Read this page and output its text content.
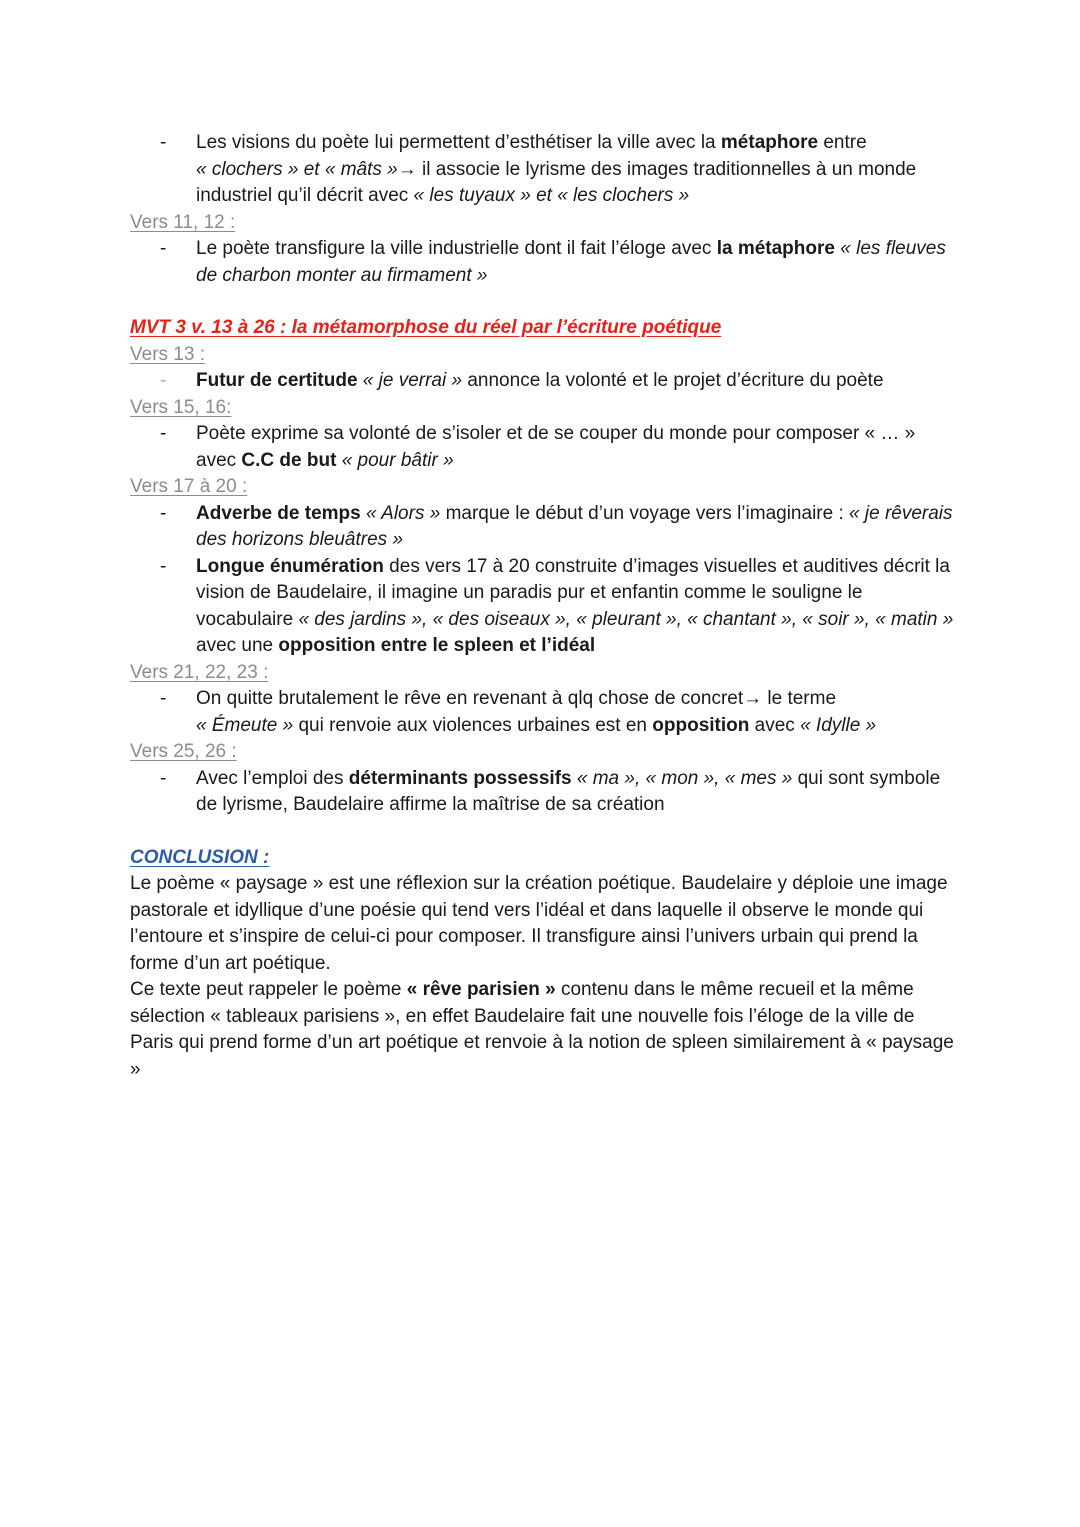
- Les visions du poète lui permettent d’esthétiser la ville avec la métaphore entre
« clochers » et « mâts »→ il associe le lyrisme des images traditionnelles à un monde industriel qu’il décrit avec « les tuyaux » et « les clochers »
Vers 11, 12 :
- Le poète transfigure la ville industrielle dont il fait l’éloge avec la métaphore « les fleuves de charbon monter au firmament »
MVT 3 v. 13 à 26 : la métamorphose du réel par l’écriture poétique
Vers 13 :
- Futur de certitude « je verrai » annonce la volonté et le projet d’écriture du poète
Vers 15, 16:
- Poète exprime sa volonté de s’isoler et de se couper du monde pour composer « … » avec C.C de but « pour bâtir »
Vers 17 à 20 :
- Adverbe de temps « Alors » marque le début d’un voyage vers l’imaginaire : « je rêverais des horizons bleuâtres »
- Longue énumération des vers 17 à 20 construite d’images visuelles et auditives décrit la vision de Baudelaire, il imagine un paradis pur et enfantin comme le souligne le vocabulaire « des jardins », « des oiseaux », « pleurant », « chantant », « soir », « matin » avec une opposition entre le spleen et l’idéal
Vers 21, 22, 23 :
- On quitte brutalement le rêve en revenant à qlq chose de concret→ le terme
« Émeute » qui renvoie aux violences urbaines est en opposition avec « Idylle »
Vers 25, 26 :
- Avec l’emploi des déterminants possessifs « ma », « mon », « mes » qui sont symbole de lyrisme, Baudelaire affirme la maîtrise de sa création
CONCLUSION :

Le poème « paysage » est une réflexion sur la création poétique. Baudelaire y déploie une image pastorale et idyllique d’une poésie qui tend vers l’idéal et dans laquelle il observe le monde qui l’entoure et s’inspire de celui-ci pour composer. Il transfigure ainsi l’univers urbain qui prend la forme d’un art poétique.

Ce texte peut rappeler le poème « rêve parisien » contenu dans le même recueil et la même sélection « tableaux parisiens », en effet Baudelaire fait une nouvelle fois l’éloge de la ville de Paris qui prend forme d’un art poétique et renvoie à la notion de spleen similairement à « paysage »
